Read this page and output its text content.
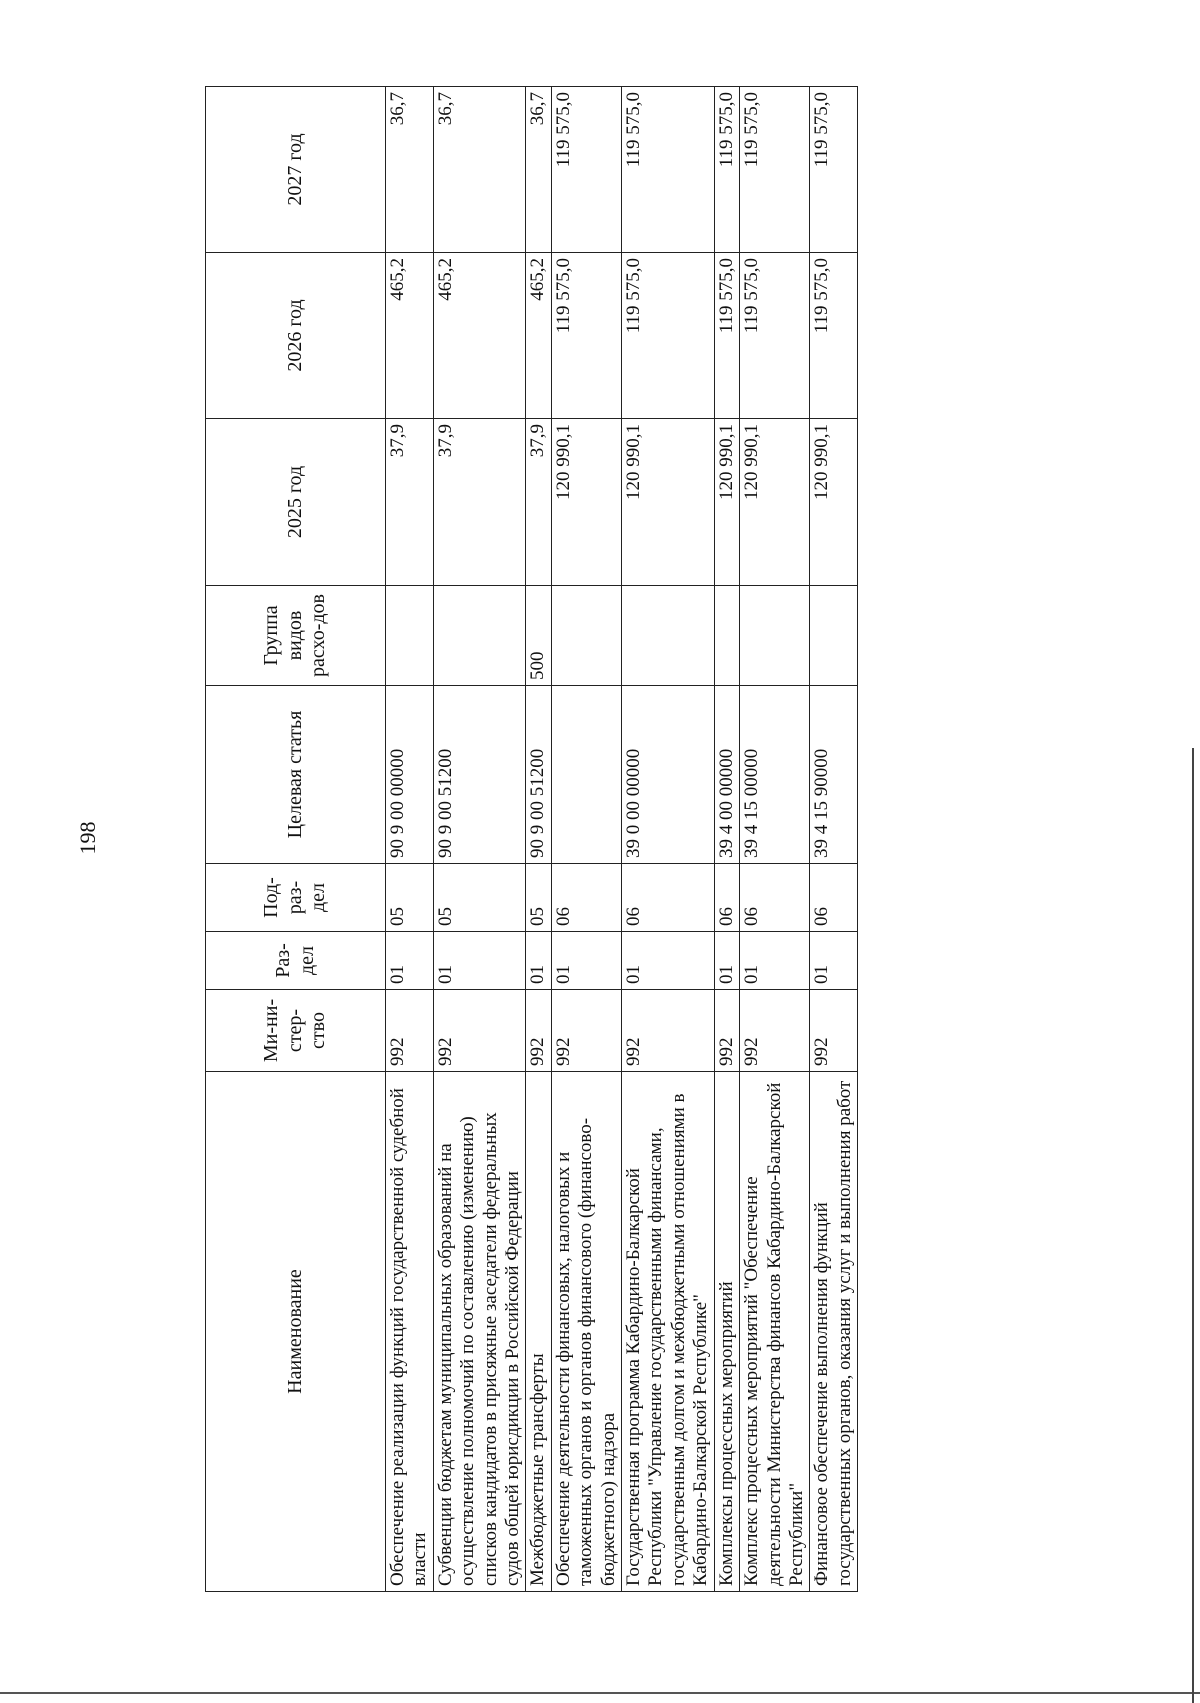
198
Наименование	Ми-ни-стер-ство	Раз-дел	Под-раз-дел	Целевая статья	Группа видов расхо-дов	2025 год	2026 год	2027 год
Обеспечение реализации функций государственной судебной власти	992	01	05	90 9 00 00000		37,9	465,2	36,7
Субвенции бюджетам муниципальных образований на осуществление полномочий по составлению (изменению) списков кандидатов в присяжные заседатели федеральных судов общей юрисдикции в Российской Федерации	992	01	05	90 9 00 51200		37,9	465,2	36,7
Межбюджетные трансферты	992	01	05	90 9 00 51200	500	37,9	465,2	36,7
Обеспечение деятельности финансовых, налоговых и таможенных органов и органов финансового (финансово-бюджетного) надзора	992	01	06			120 990,1	119 575,0	119 575,0
Государственная программа Кабардино-Балкарской Республики "Управление государственными финансами, государственным долгом и межбюджетными отношениями в Кабардино-Балкарской Республике"	992	01	06	39 0 00 00000		120 990,1	119 575,0	119 575,0
Комплексы процессных мероприятий	992	01	06	39 4 00 00000		120 990,1	119 575,0	119 575,0
Комплекс процессных мероприятий "Обеспечение деятельности Министерства финансов Кабардино-Балкарской Республики"	992	01	06	39 4 15 00000		120 990,1	119 575,0	119 575,0
Финансовое обеспечение выполнения функций государственных органов, оказания услуг и выполнения работ	992	01	06	39 4 15 90000		120 990,1	119 575,0	119 575,0
